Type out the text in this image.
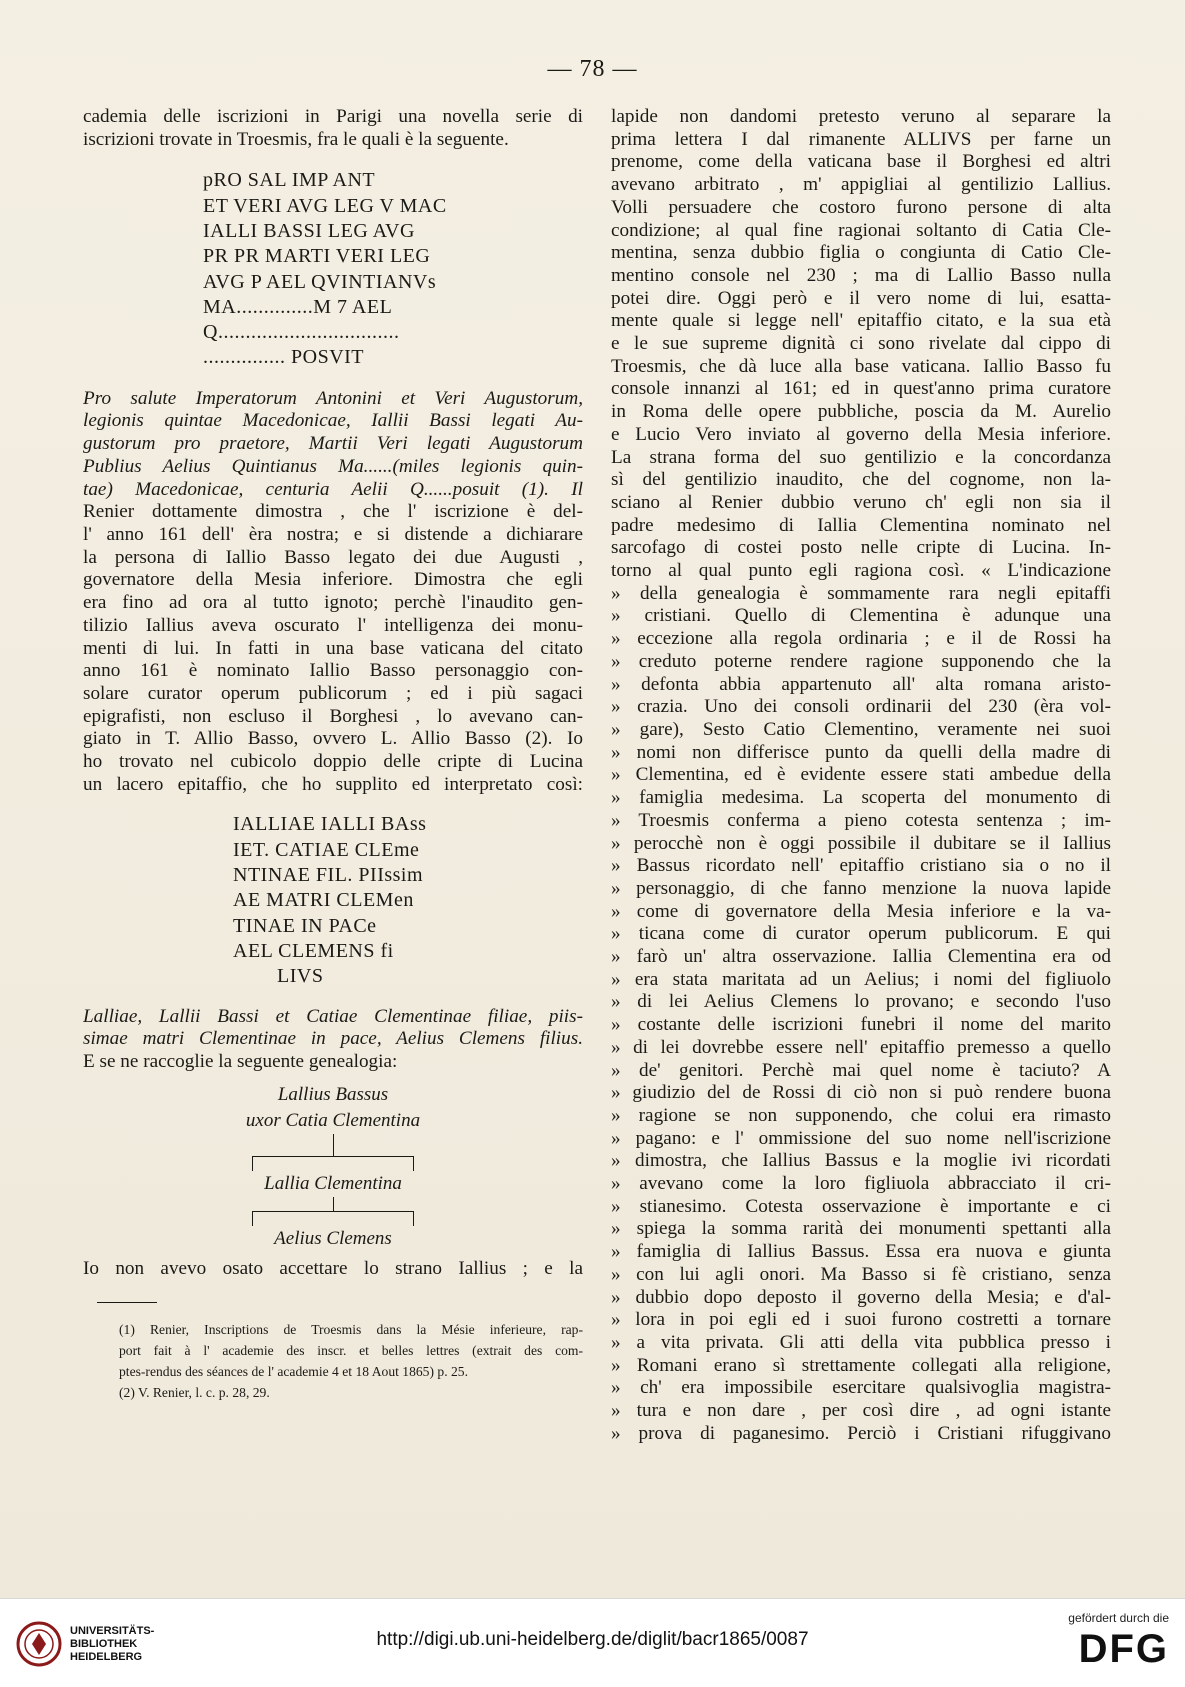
— 78 —
cademia delle iscrizioni in Parigi una novella serie di
iscrizioni trovate in Troesmis, fra le quali è la seguente.
pRO SAL IMP ANT
ET VERI AVG LEG V MAC
IALLI BASSI LEG AVG
PR PR MARTI VERI LEG
AVG P AEL QVINTIANVs
MA..............M 7 AEL
Q.................................
............... POSVIT
Pro salute Imperatorum Antonini et Veri Augustorum,
legionis quintae Macedonicae, Iallii Bassi legati Au-
gustorum pro praetore, Martii Veri legati Augustorum
Publius Aelius Quintianus Ma......(miles legionis quin-
tae) Macedonicae, centuria Aelii Q......posuit (1). Il
Renier dottamente dimostra , che l' iscrizione è del-
l' anno 161 dell' èra nostra; e si distende a dichiarare
la persona di Iallio Basso legato dei due Augusti ,
governatore della Mesia inferiore. Dimostra che egli
era fino ad ora al tutto ignoto; perchè l'inaudito gen-
tilizio Iallius aveva oscurato l' intelligenza dei monu-
menti di lui. In fatti in una base vaticana del citato
anno 161 è nominato Iallio Basso personaggio con-
solare curator operum publicorum ; ed i più sagaci
epigrafisti, non escluso il Borghesi , lo avevano can-
giato in T. Allio Basso, ovvero L. Allio Basso (2). Io
ho trovato nel cubicolo doppio delle cripte di Lucina
un lacero epitaffio, che ho supplito ed interpretato così:
IALLIAE IALLI BAss
IET. CATIAE CLEme
NTINAE FIL. PIIssim
AE MATRI CLEMen
TINAE IN PACe
AEL CLEMENS fi
LIVS
Lalliae, Lallii Bassi et Catiae Clementinae filiae, piis-
simae matri Clementinae in pace, Aelius Clemens filius.
E se ne raccoglie la seguente genealogia:
Lallius Bassus
uxor Catia Clementina
Lallia Clementina
Aelius Clemens
Io non avevo osato accettare lo strano Iallius ; e la
(1) Renier, Inscriptions de Troesmis dans la Mésie inferieure, rap-
port fait à l' academie des inscr. et belles lettres (extrait des com-
ptes-rendus des séances de l' academie 4 et 18 Aout 1865) p. 25.
(2) V. Renier, l. c. p. 28, 29.
lapide non dandomi pretesto veruno al separare la
prima lettera I dal rimanente ALLIVS per farne un
prenome, come della vaticana base il Borghesi ed altri
avevano arbitrato , m' appigliai al gentilizio Lallius.
Volli persuadere che costoro furono persone di alta
condizione; al qual fine ragionai soltanto di Catia Cle-
mentina, senza dubbio figlia o congiunta di Catio Cle-
mentino console nel 230 ; ma di Lallio Basso nulla
potei dire. Oggi però e il vero nome di lui, esatta-
mente quale si legge nell' epitaffio citato, e la sua età
e le sue supreme dignità ci sono rivelate dal cippo di
Troesmis, che dà luce alla base vaticana. Iallio Basso fu
console innanzi al 161; ed in quest'anno prima curatore
in Roma delle opere pubbliche, poscia da M. Aurelio
e Lucio Vero inviato al governo della Mesia inferiore.
La strana forma del suo gentilizio e la concordanza
sì del gentilizio inaudito, che del cognome, non la-
sciano al Renier dubbio veruno ch' egli non sia il
padre medesimo di Iallia Clementina nominato nel
sarcofago di costei posto nelle cripte di Lucina. In-
torno al qual punto egli ragiona così. « L'indicazione
» della genealogia è sommamente rara negli epitaffi
» cristiani. Quello di Clementina è adunque una
» eccezione alla regola ordinaria ; e il de Rossi ha
» creduto poterne rendere ragione supponendo che la
» defonta abbia appartenuto all' alta romana aristo-
» crazia. Uno dei consoli ordinarii del 230 (èra vol-
» gare), Sesto Catio Clementino, veramente nei suoi
» nomi non differisce punto da quelli della madre di
» Clementina, ed è evidente essere stati ambedue della
» famiglia medesima. La scoperta del monumento di
» Troesmis conferma a pieno cotesta sentenza ; im-
» perocchè non è oggi possibile il dubitare se il Iallius
» Bassus ricordato nell' epitaffio cristiano sia o no il
» personaggio, di che fanno menzione la nuova lapide
» come di governatore della Mesia inferiore e la va-
» ticana come di curator operum publicorum. E qui
» farò un' altra osservazione. Iallia Clementina era od
» era stata maritata ad un Aelius; i nomi del figliuolo
» di lei Aelius Clemens lo provano; e secondo l'uso
» costante delle iscrizioni funebri il nome del marito
» di lei dovrebbe essere nell' epitaffio premesso a quello
» de' genitori. Perchè mai quel nome è taciuto? A
» giudizio del de Rossi di ciò non si può rendere buona
» ragione se non supponendo, che colui era rimasto
» pagano: e l' ommissione del suo nome nell'iscrizione
» dimostra, che Iallius Bassus e la moglie ivi ricordati
» avevano come la loro figliuola abbracciato il cri-
» stianesimo. Cotesta osservazione è importante e ci
» spiega la somma rarità dei monumenti spettanti alla
» famiglia di Iallius Bassus. Essa era nuova e giunta
» con lui agli onori. Ma Basso si fè cristiano, senza
» dubbio dopo deposto il governo della Mesia; e d'al-
» lora in poi egli ed i suoi furono costretti a tornare
» a vita privata. Gli atti della vita pubblica presso i
» Romani erano sì strettamente collegati alla religione,
» ch' era impossibile esercitare qualsivoglia magistra-
» tura e non dare , per così dire , ad ogni istante
» prova di paganesimo. Perciò i Cristiani rifuggivano
UNIVERSITÄTS-
BIBLIOTHEK
HEIDELBERG
http://digi.ub.uni-heidelberg.de/diglit/bacr1865/0087
gefördert durch die
DFG
